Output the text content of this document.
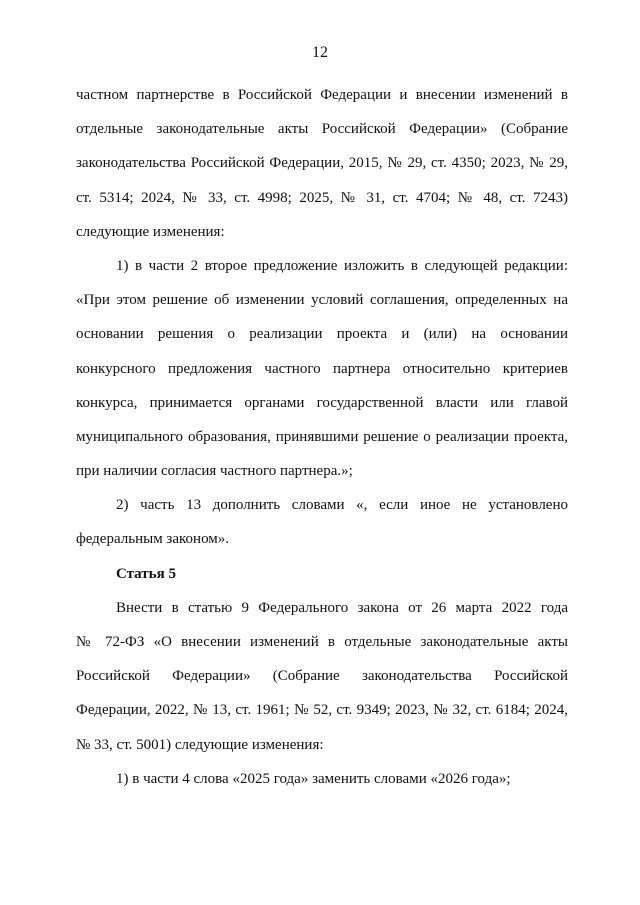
12
частном партнерстве в Российской Федерации и внесении изменений в
отдельные законодательные акты Российской Федерации» (Собрание
законодательства Российской Федерации, 2015, № 29, ст. 4350; 2023, № 29,
ст. 5314; 2024, № 33, ст. 4998; 2025, № 31, ст. 4704; № 48, ст. 7243)
следующие изменения:
1) в части 2 второе предложение изложить в следующей редакции:
«При этом решение об изменении условий соглашения, определенных на
основании решения о реализации проекта и (или) на основании
конкурсного предложения частного партнера относительно критериев
конкурса, принимается органами государственной власти или главой
муниципального образования, принявшими решение о реализации проекта,
при наличии согласия частного партнера.»;
2) часть 13 дополнить словами «, если иное не установлено
федеральным законом».
Статья 5
Внести в статью 9 Федерального закона от 26 марта 2022 года
№ 72-ФЗ «О внесении изменений в отдельные законодательные акты
Российской Федерации» (Собрание законодательства Российской
Федерации, 2022, № 13, ст. 1961; № 52, ст. 9349; 2023, № 32, ст. 6184; 2024,
№ 33, ст. 5001) следующие изменения:
1) в части 4 слова «2025 года» заменить словами «2026 года»;
